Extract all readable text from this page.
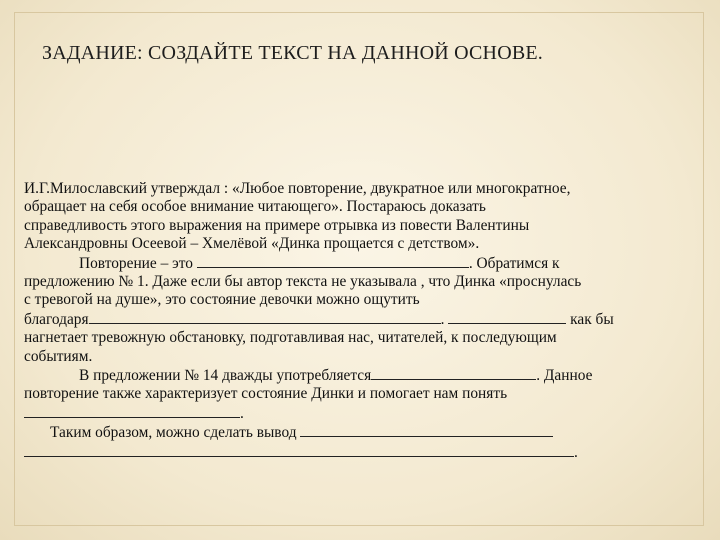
ЗАДАНИЕ: СОЗДАЙТЕ ТЕКСТ НА ДАННОЙ ОСНОВЕ.
И.Г.Милославский утверждал : «Любое повторение, двукратное или многократное,
обращает на себя особое внимание читающего». Постараюсь доказать
справедливость этого выражения на примере отрывка из повести Валентины
Александровны Осеевой – Хмелёвой «Динка прощается с детством».
Повторение – это	. Обратимся к
предложению № 1. Даже если бы автор текста не указывала , что Динка «проснулась
с тревогой на душе», это состояние девочки можно ощутить
благодаря	.	как бы
нагнетает тревожную обстановку, подготавливая нас, читателей, к последующим
событиям.
В предложении № 14 дважды употребляется	. Данное
повторение также характеризует состояние Динки и помогает нам понять
.
Таким образом, можно сделать вывод
.
